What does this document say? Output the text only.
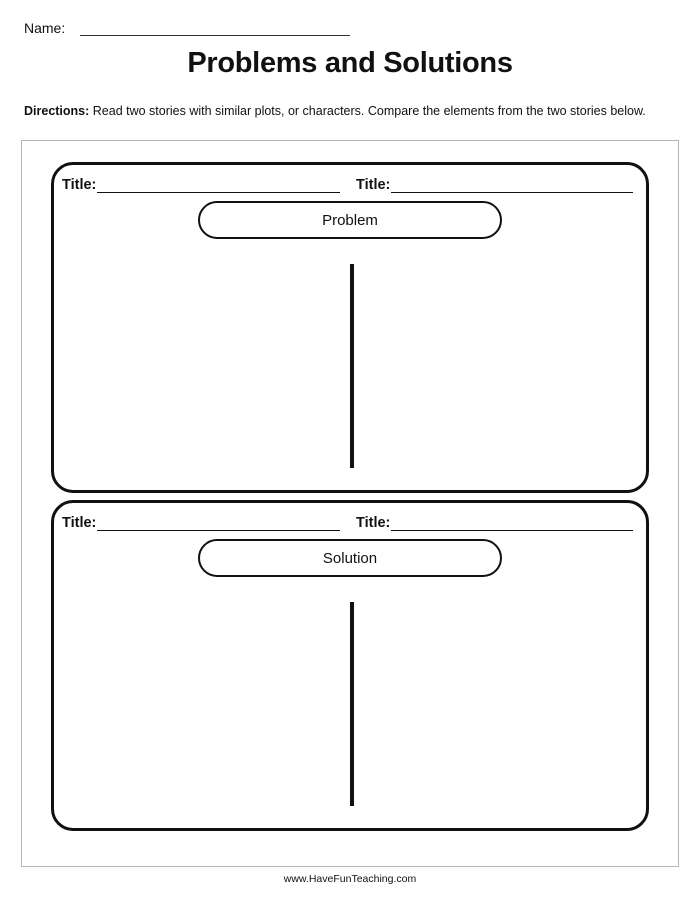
Name:
Problems and Solutions
Directions: Read two stories with similar plots, or characters. Compare the elements from the two stories below.
Title:	Title:
Problem
Title:	Title:
Solution
www.HaveFunTeaching.com
